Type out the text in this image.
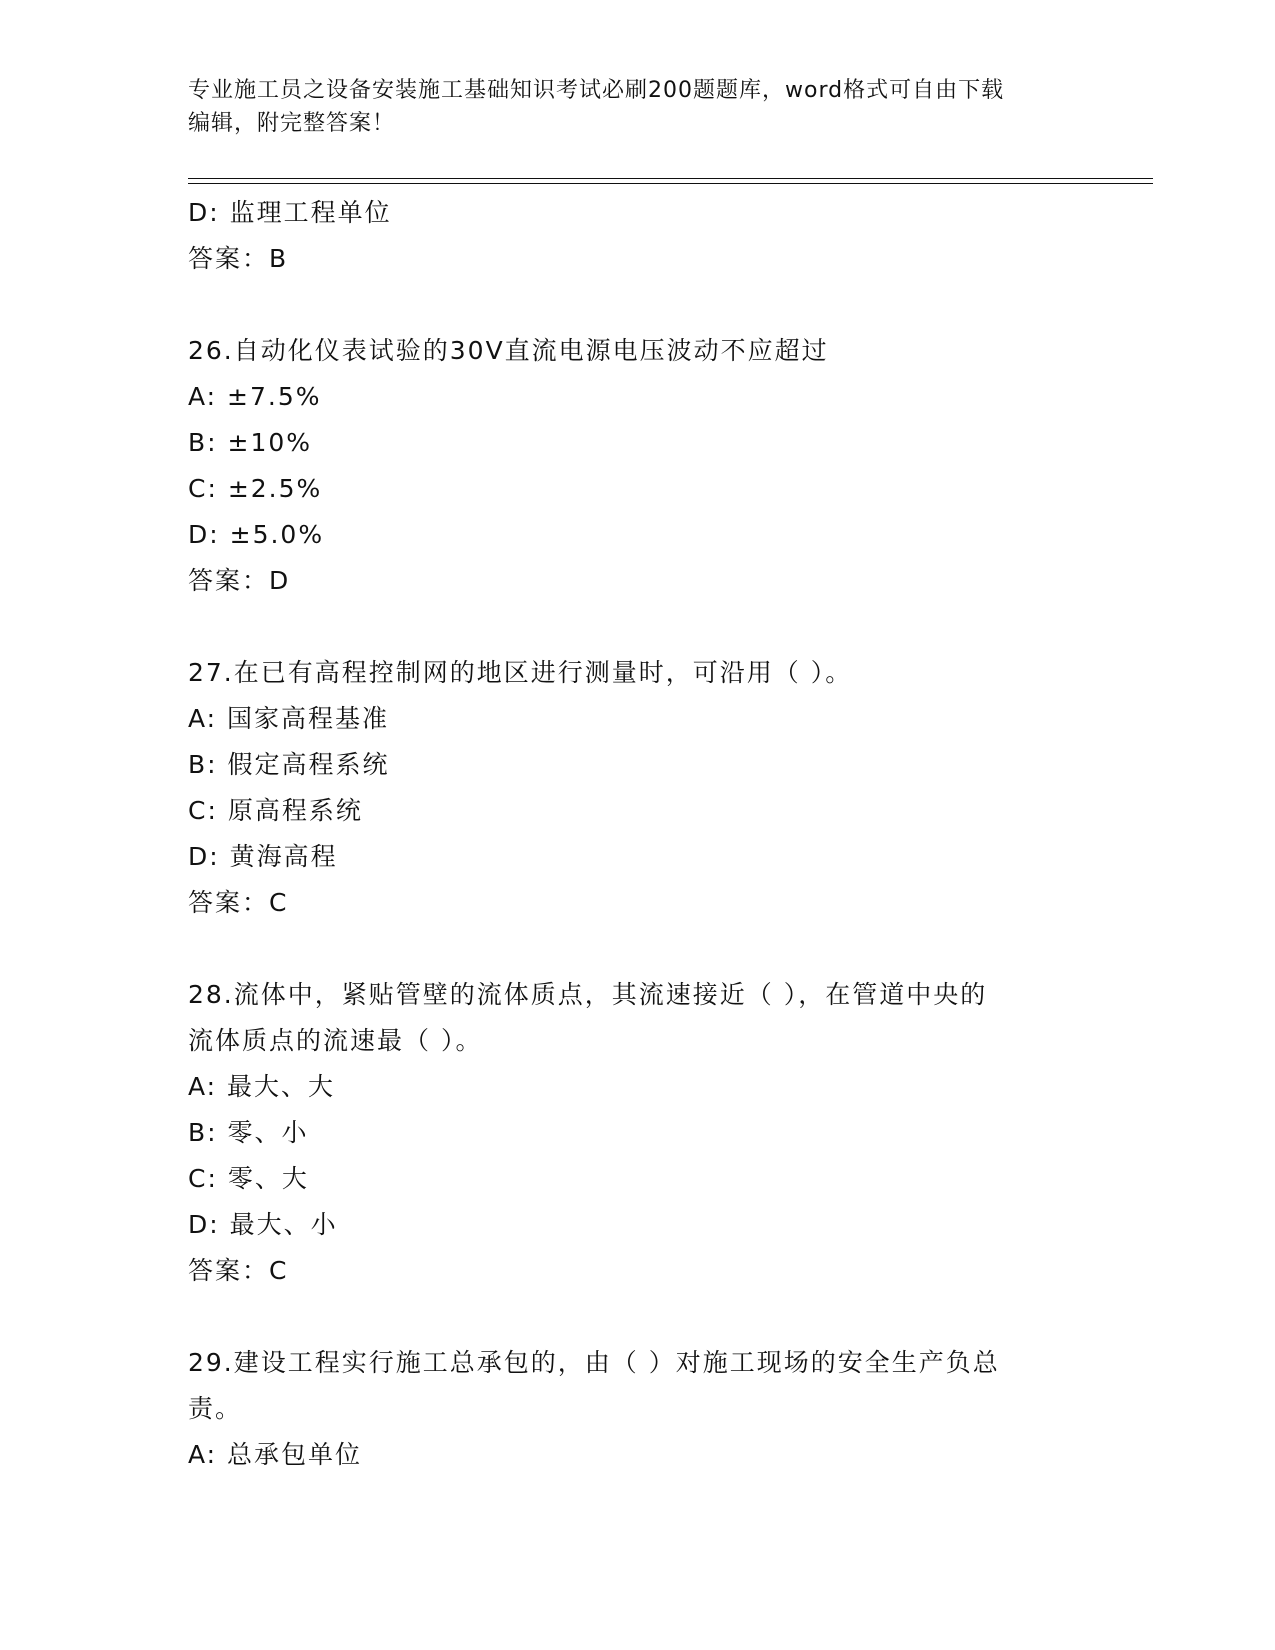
专业施工员之设备安装施工基础知识考试必刷200题题库，word格式可自由下载
编辑，附完整答案！
D: 监理工程单位
答案：B
26.自动化仪表试验的30V直流电源电压波动不应超过
A: ±7.5%
B: ±10%
C: ±2.5%
D: ±5.0%
答案：D
27.在已有高程控制网的地区进行测量时，可沿用（ ）。
A: 国家高程基准
B: 假定高程系统
C: 原高程系统
D: 黄海高程
答案：C
28.流体中，紧贴管壁的流体质点，其流速接近（ ），在管道中央的
流体质点的流速最（ ）。
A: 最大、大
B: 零、小
C: 零、大
D: 最大、小
答案：C
29.建设工程实行施工总承包的，由（ ）对施工现场的安全生产负总
责。
A: 总承包单位
